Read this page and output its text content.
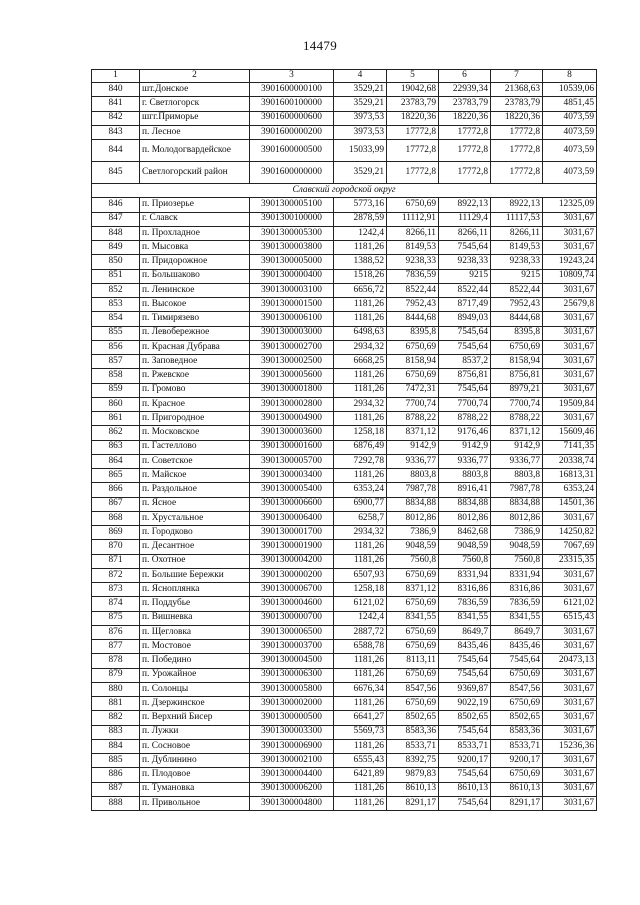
14479
1	2	3	4	5	6	7	8
840	шт.Донское	3901600000100	3529,21	19042,68	22939,34	21368,63	10539,06
841	г. Светлогорск	3901600100000	3529,21	23783,79	23783,79	23783,79	4851,45
842	шгг.Приморье	3901600000600	3973,53	18220,36	18220,36	18220,36	4073,59
843	п. Лесное	3901600000200	3973,53	17772,8	17772,8	17772,8	4073,59
844	п. Молодогвардейское	3901600000500	15033,99	17772,8	17772,8	17772,8	4073,59
845	Светлогорский район	3901600000000	3529,21	17772,8	17772,8	17772,8	4073,59
Славский городской округ							
846	п. Приозерье	3901300005100	5773,16	6750,69	8922,13	8922,13	12325,09
847	г. Славск	3901300100000	2878,59	11112,91	11129,4	11117,53	3031,67
848	п. Прохладное	3901300005300	1242,4	8266,11	8266,11	8266,11	3031,67
849	п. Мысовка	3901300003800	1181,26	8149,53	7545,64	8149,53	3031,67
850	п. Придорожное	3901300005000	1388,52	9238,33	9238,33	9238,33	19243,24
851	п. Большаково	3901300000400	1518,26	7836,59	9215	9215	10809,74
852	п. Ленинское	3901300003100	6656,72	8522,44	8522,44	8522,44	3031,67
853	п. Высокое	3901300001500	1181,26	7952,43	8717,49	7952,43	25679,8
854	п. Тимирязево	3901300006100	1181,26	8444,68	8949,03	8444,68	3031,67
855	п. Левобережное	3901300003000	6498,63	8395,8	7545,64	8395,8	3031,67
856	п. Красная Дубрава	3901300002700	2934,32	6750,69	7545,64	6750,69	3031,67
857	п. Заповедное	3901300002500	6668,25	8158,94	8537,2	8158,94	3031,67
858	п. Ржевское	3901300005600	1181,26	6750,69	8756,81	8756,81	3031,67
859	п. Громово	3901300001800	1181,26	7472,31	7545,64	8979,21	3031,67
860	п. Красное	3901300002800	2934,32	7700,74	7700,74	7700,74	19509,84
861	п. Пригородное	3901300004900	1181,26	8788,22	8788,22	8788,22	3031,67
862	п. Московское	3901300003600	1258,18	8371,12	9176,46	8371,12	15609,46
863	п. Гастеллово	3901300001600	6876,49	9142,9	9142,9	9142,9	7141,35
864	п. Советское	3901300005700	7292,78	9336,77	9336,77	9336,77	20338,74
865	п. Майское	3901300003400	1181,26	8803,8	8803,8	8803,8	16813,31
866	п. Раздольное	3901300005400	6353,24	7987,78	8916,41	7987,78	6353,24
867	п. Ясное	3901300006600	6900,77	8834,88	8834,88	8834,88	14501,36
868	п. Хрустальное	3901300006400	6258,7	8012,86	8012,86	8012,86	3031,67
869	п. Городково	3901300001700	2934,32	7386,9	8462,68	7386,9	14250,82
870	п. Десантное	3901300001900	1181,26	9048,59	9048,59	9048,59	7067,69
871	п. Охотное	3901300004200	1181,26	7560,8	7560,8	7560,8	23315,35
872	п. Большие Бережки	3901300000200	6507,93	6750,69	8331,94	8331,94	3031,67
873	п. Ясноплянка	3901300006700	1258,18	8371,12	8316,86	8316,86	3031,67
874	п. Поддубье	3901300004600	6121,02	6750,69	7836,59	7836,59	6121,02
875	п. Вишневка	3901300000700	1242,4	8341,55	8341,55	8341,55	6515,43
876	п. Щегловка	3901300006500	2887,72	6750,69	8649,7	8649,7	3031,67
877	п. Мостовое	3901300003700	6588,78	6750,69	8435,46	8435,46	3031,67
878	п. Победино	3901300004500	1181,26	8113,11	7545,64	7545,64	20473,13
879	п. Урожайное	3901300006300	1181,26	6750,69	7545,64	6750,69	3031,67
880	п. Солонцы	3901300005800	6676,34	8547,56	9369,87	8547,56	3031,67
881	п. Дзержинское	3901300002000	1181,26	6750,69	9022,19	6750,69	3031,67
882	п. Верхний Бисер	3901300000500	6641,27	8502,65	8502,65	8502,65	3031,67
883	п. Лужки	3901300003300	5569,73	8583,36	7545,64	8583,36	3031,67
884	п. Сосновое	3901300006900	1181,26	8533,71	8533,71	8533,71	15236,36
885	п. Дублинино	3901300002100	6555,43	8392,75	9200,17	9200,17	3031,67
886	п. Плодовое	3901300004400	6421,89	9879,83	7545,64	6750,69	3031,67
887	п. Тумановка	3901300006200	1181,26	8610,13	8610,13	8610,13	3031,67
888	п. Привольное	3901300004800	1181,26	8291,17	7545,64	8291,17	3031,67
